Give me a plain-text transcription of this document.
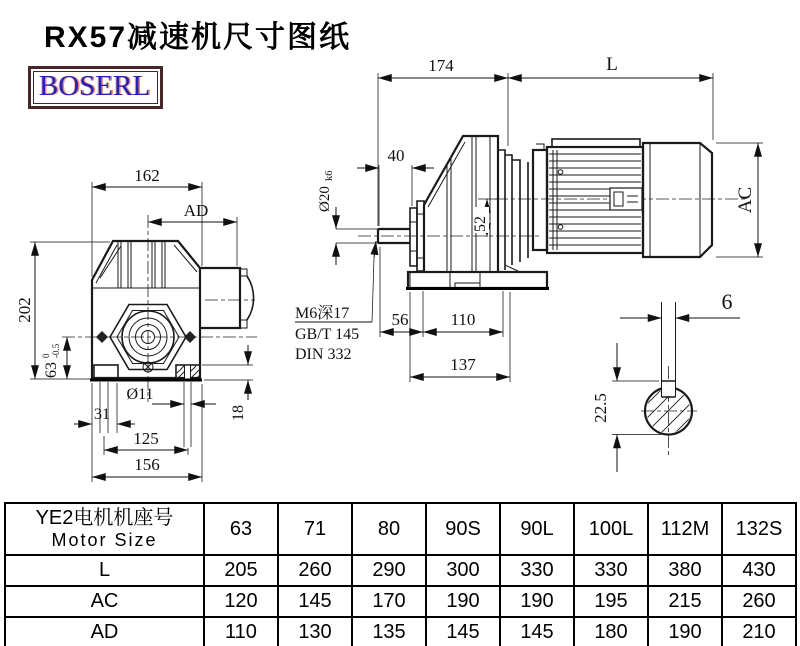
RX57减速机尺寸图纸
BOSERL
162
AD
202
63
0 -0.5
31
Ø11
125
156
18
174	L
40
Ø20
k6
52
AC
56 110
137
M6深17
GB/T 145
DIN 332
6
22.5
YE2电机机座号
Motor Size	63	71	80	90S	90L	100L	112M	132S
L	205	260	290	300	330	330	380	430
AC	120	145	170	190	190	195	215	260
AD	110	130	135	145	145	180	190	210
